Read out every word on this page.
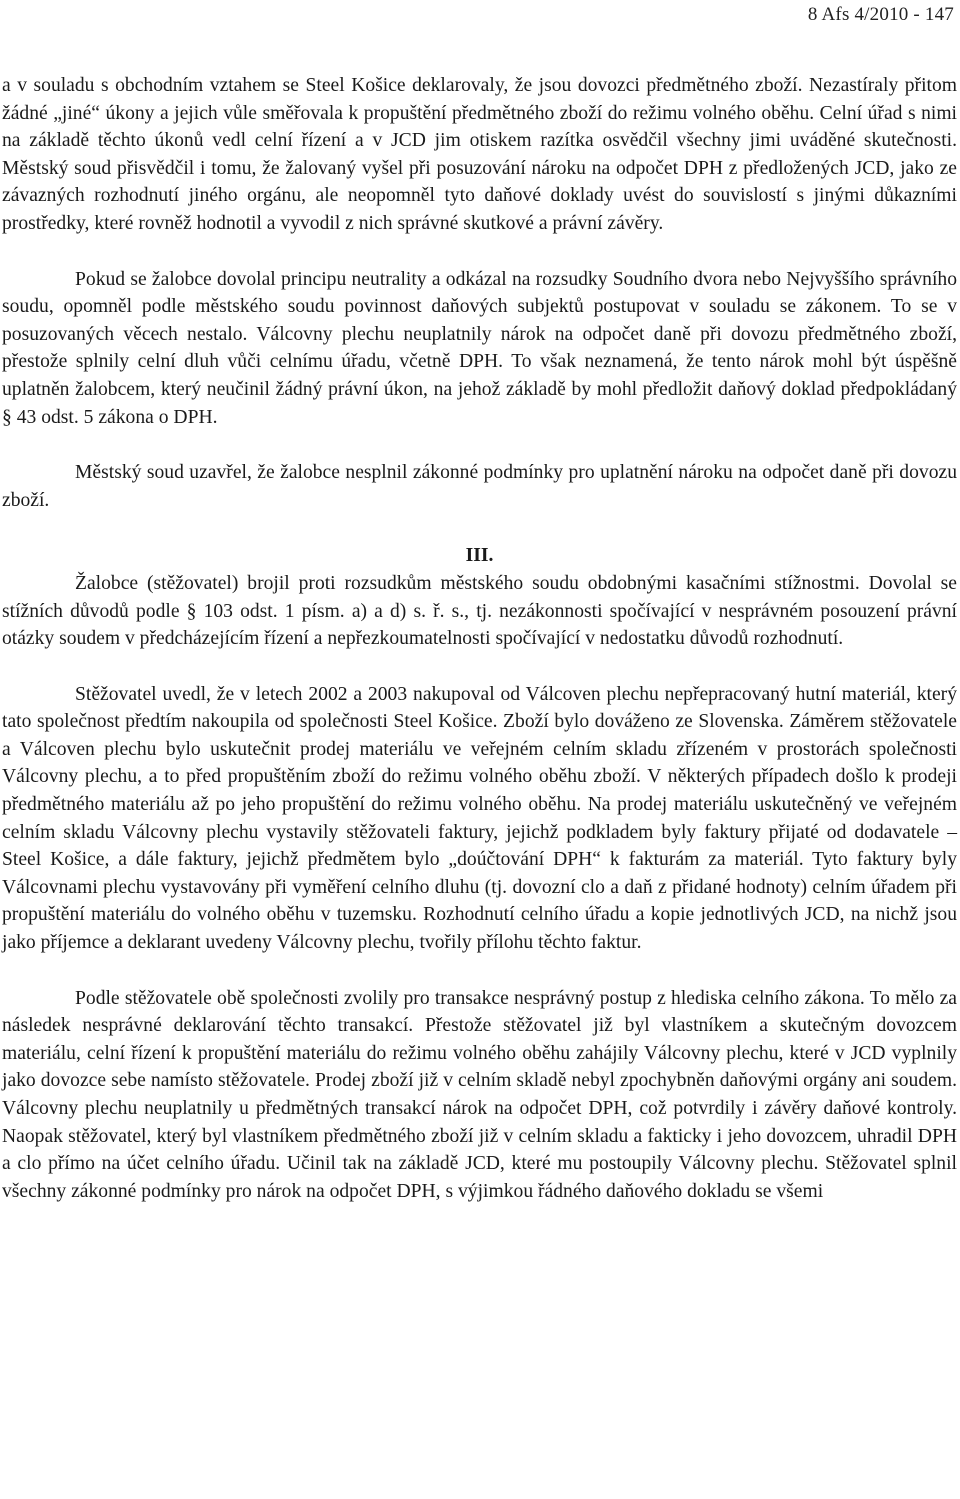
8 Afs 4/2010 - 147

a v souladu s obchodním vztahem se Steel Košice deklarovaly, že jsou dovozci předmětného zboží. Nezastíraly přitom žádné „jiné“ úkony a jejich vůle směřovala k propuštění předmětného zboží do režimu volného oběhu. Celní úřad s nimi na základě těchto úkonů vedl celní řízení a v JCD jim otiskem razítka osvědčil všechny jimi uváděné skutečnosti. Městský soud přisvědčil i tomu, že žalovaný vyšel při posuzování nároku na odpočet DPH z předložených JCD, jako ze závazných rozhodnutí jiného orgánu, ale neopomněl tyto daňové doklady uvést do souvislostí s jinými důkazními prostředky, které rovněž hodnotil a vyvodil z nich správné skutkové a právní závěry.

Pokud se žalobce dovolal principu neutrality a odkázal na rozsudky Soudního dvora nebo Nejvyššího správního soudu, opomněl podle městského soudu povinnost daňových subjektů postupovat v souladu se zákonem. To se v posuzovaných věcech nestalo. Válcovny plechu neuplatnily nárok na odpočet daně při dovozu předmětného zboží, přestože splnily celní dluh vůči celnímu úřadu, včetně DPH. To však neznamená, že tento nárok mohl být úspěšně uplatněn žalobcem, který neučinil žádný právní úkon, na jehož základě by mohl předložit daňový doklad předpokládaný § 43 odst. 5 zákona o DPH.

Městský soud uzavřel, že žalobce nesplnil zákonné podmínky pro uplatnění nároku na odpočet daně při dovozu zboží.

III.

Žalobce (stěžovatel) brojil proti rozsudkům městského soudu obdobnými kasačními stížnostmi. Dovolal se stížních důvodů podle § 103 odst. 1 písm. a) a d) s. ř. s., tj. nezákonnosti spočívající v nesprávném posouzení právní otázky soudem v předcházejícím řízení a nepřezkoumatelnosti spočívající v nedostatku důvodů rozhodnutí.

Stěžovatel uvedl, že v letech 2002 a 2003 nakupoval od Válcoven plechu nepřepracovaný hutní materiál, který tato společnost předtím nakoupila od společnosti Steel Košice. Zboží bylo dováženo ze Slovenska. Záměrem stěžovatele a Válcoven plechu bylo uskutečnit prodej materiálu ve veřejném celním skladu zřízeném v prostorách společnosti Válcovny plechu, a to před propuštěním zboží do režimu volného oběhu zboží. V některých případech došlo k prodeji předmětného materiálu až po jeho propuštění do režimu volného oběhu. Na prodej materiálu uskutečněný ve veřejném celním skladu Válcovny plechu vystavily stěžovateli faktury, jejichž podkladem byly faktury přijaté od dodavatele – Steel Košice, a dále faktury, jejichž předmětem bylo „doúčtování DPH“ k fakturám za materiál. Tyto faktury byly Válcovnami plechu vystavovány při vyměření celního dluhu (tj. dovozní clo a daň z přidané hodnoty) celním úřadem při propuštění materiálu do volného oběhu v tuzemsku. Rozhodnutí celního úřadu a kopie jednotlivých JCD, na nichž jsou jako příjemce a deklarant uvedeny Válcovny plechu, tvořily přílohu těchto faktur.

Podle stěžovatele obě společnosti zvolily pro transakce nesprávný postup z hlediska celního zákona. To mělo za následek nesprávné deklarování těchto transakcí. Přestože stěžovatel již byl vlastníkem a skutečným dovozcem materiálu, celní řízení k propuštění materiálu do režimu volného oběhu zahájily Válcovny plechu, které v JCD vyplnily jako dovozce sebe namísto stěžovatele. Prodej zboží již v celním skladě nebyl zpochybněn daňovými orgány ani soudem. Válcovny plechu neuplatnily u předmětných transakcí nárok na odpočet DPH, což potvrdily i závěry daňové kontroly. Naopak stěžovatel, který byl vlastníkem předmětného zboží již v celním skladu a fakticky i jeho dovozcem, uhradil DPH a clo přímo na účet celního úřadu. Učinil tak na základě JCD, které mu postoupily Válcovny plechu. Stěžovatel splnil všechny zákonné podmínky pro nárok na odpočet DPH, s výjimkou řádného daňového dokladu se všemi
